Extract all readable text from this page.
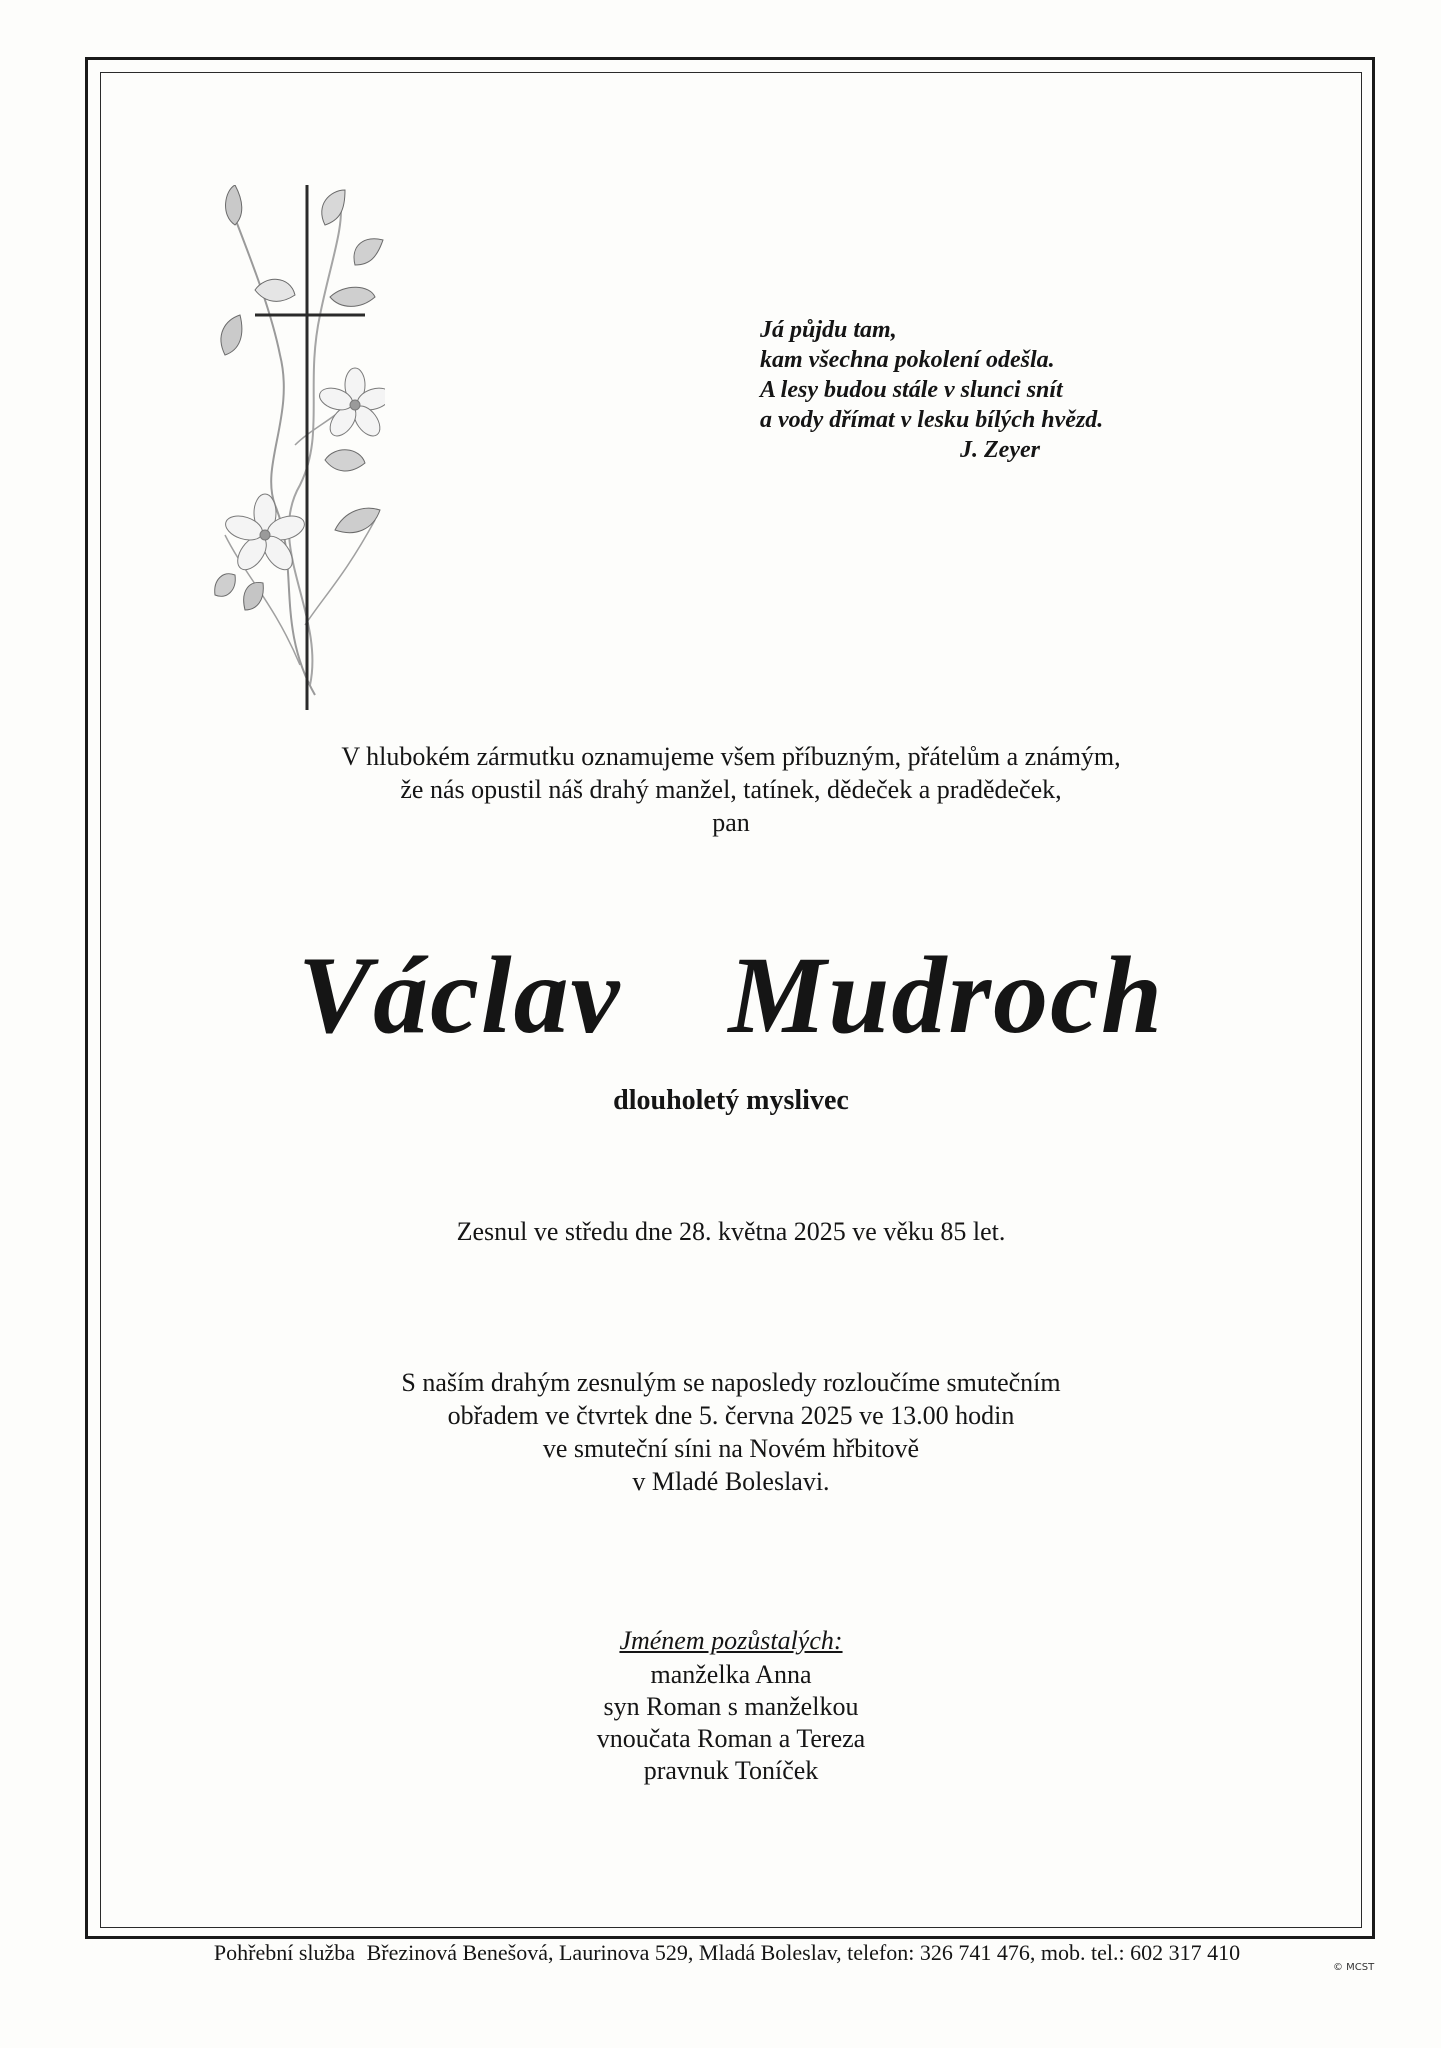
Já půjdu tam,
kam všechna pokolení odešla.
A lesy budou stále v slunci snít
a vody dřímat v lesku bílých hvězd.
J. Zeyer
V hlubokém zármutku oznamujeme všem příbuzným, přátelům a známým,
že nás opustil náš drahý manžel, tatínek, dědeček a pradědeček,
pan
Václav  Mudroch
dlouholetý myslivec
Zesnul ve středu dne 28. května 2025 ve věku 85 let.
S naším drahým zesnulým se naposledy rozloučíme smutečním
obřadem ve čtvrtek dne 5. června 2025 ve 13.00 hodin
ve smuteční síni na Novém hřbitově
v Mladé Boleslavi.
Jménem pozůstalých:
manželka Anna
syn Roman s manželkou
vnoučata Roman a Tereza
pravnuk Toníček
Pohřební služba Březinová Benešová, Laurinova 529, Mladá Boleslav, telefon: 326 741 476, mob. tel.: 602 317 410
© MCST
